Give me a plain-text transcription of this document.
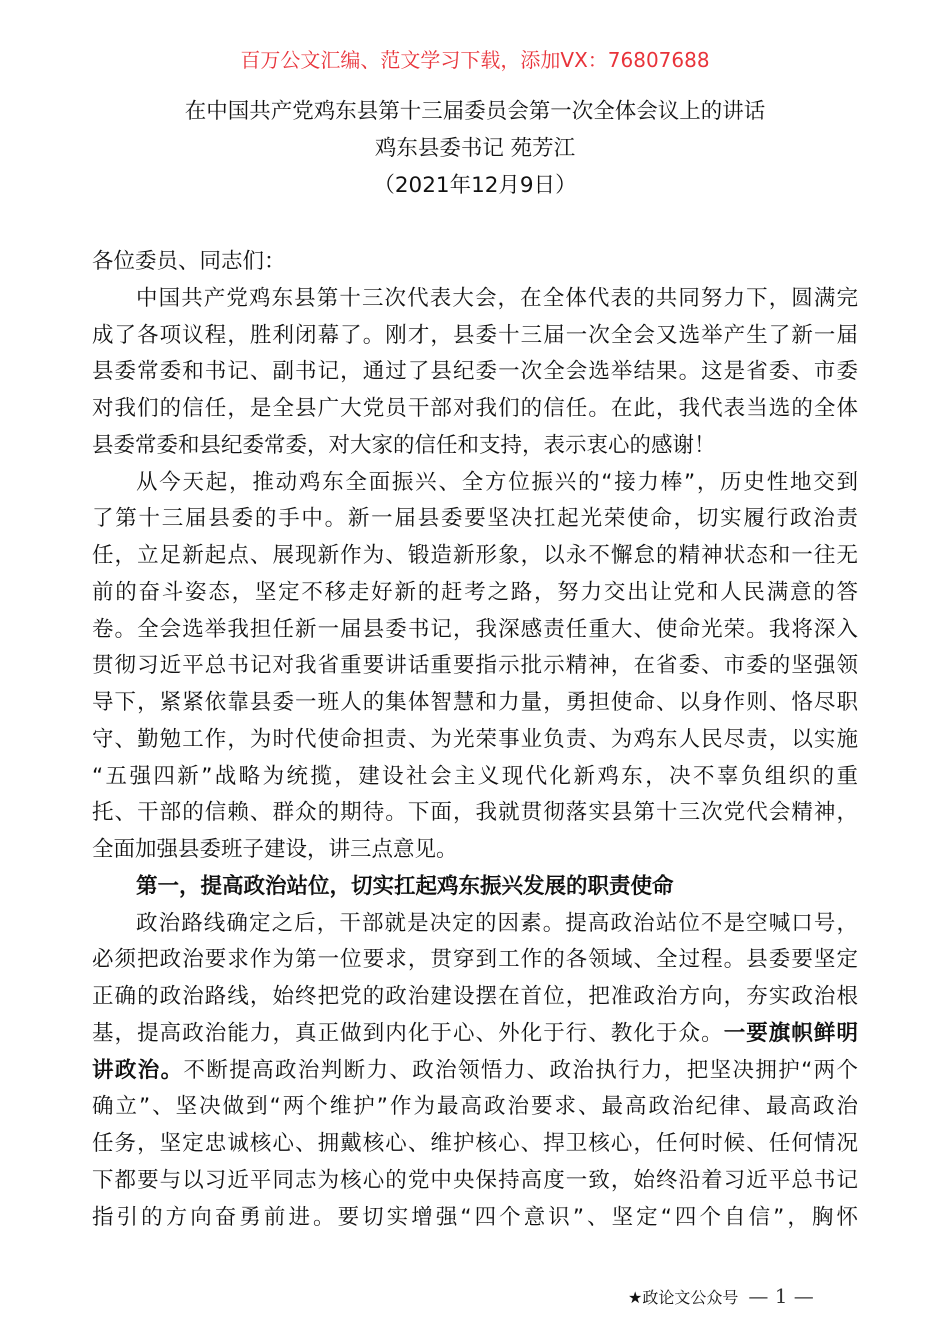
百万公文汇编、范文学习下载，添加VX：76807688
在中国共产党鸡东县第十三届委员会第一次全体会议上的讲话
鸡东县委书记 苑芳江
（2021年12月9日）
各位委员、同志们：
中国共产党鸡东县第十三次代表大会，在全体代表的共同努力下，圆满完
成了各项议程，胜利闭幕了。刚才，县委十三届一次全会又选举产生了新一届
县委常委和书记、副书记，通过了县纪委一次全会选举结果。这是省委、市委
对我们的信任，是全县广大党员干部对我们的信任。在此，我代表当选的全体
县委常委和县纪委常委，对大家的信任和支持，表示衷心的感谢！
从今天起，推动鸡东全面振兴、全方位振兴的“接力棒”，历史性地交到
了第十三届县委的手中。新一届县委要坚决扛起光荣使命，切实履行政治责
任，立足新起点、展现新作为、锻造新形象，以永不懈怠的精神状态和一往无
前的奋斗姿态，坚定不移走好新的赶考之路，努力交出让党和人民满意的答
卷。全会选举我担任新一届县委书记，我深感责任重大、使命光荣。我将深入
贯彻习近平总书记对我省重要讲话重要指示批示精神，在省委、市委的坚强领
导下，紧紧依靠县委一班人的集体智慧和力量，勇担使命、以身作则、恪尽职
守、勤勉工作，为时代使命担责、为光荣事业负责、为鸡东人民尽责，以实施
“五强四新”战略为统揽，建设社会主义现代化新鸡东，决不辜负组织的重
托、干部的信赖、群众的期待。下面，我就贯彻落实县第十三次党代会精神，
全面加强县委班子建设，讲三点意见。
第一，提高政治站位，切实扛起鸡东振兴发展的职责使命
政治路线确定之后，干部就是决定的因素。提高政治站位不是空喊口号，
必须把政治要求作为第一位要求，贯穿到工作的各领域、全过程。县委要坚定
正确的政治路线，始终把党的政治建设摆在首位，把准政治方向，夯实政治根
基，提高政治能力，真正做到内化于心、外化于行、教化于众。一要旗帜鲜明
讲政治。不断提高政治判断力、政治领悟力、政治执行力，把坚决拥护“两个
确立”、坚决做到“两个维护”作为最高政治要求、最高政治纪律、最高政治
任务，坚定忠诚核心、拥戴核心、维护核心、捍卫核心，任何时候、任何情况
下都要与以习近平同志为核心的党中央保持高度一致，始终沿着习近平总书记
指引的方向奋勇前进。要切实增强“四个意识”、坚定“四个自信”，胸怀
★政论文公众号 — 1 —
